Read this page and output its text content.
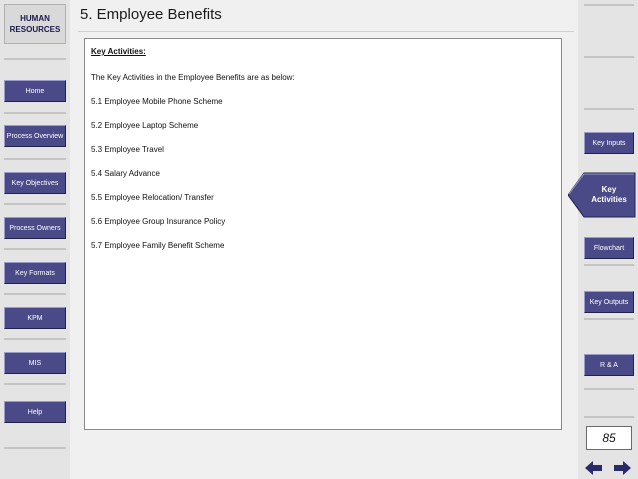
HUMAN
RESOURCES
Home
Process Overview
Key Objectives
Process Owners
Key Formats
KPM
MIS
Help
Key Inputs
Key
Activities
Flowchart
Key Outputs
R & A
5. Employee Benefits
Key Activities:
The Key Activities in the Employee Benefits are as below:
5.1 Employee Mobile Phone Scheme
5.2 Employee Laptop Scheme
5.3 Employee Travel
5.4 Salary Advance
5.5 Employee Relocation/ Transfer
5.6 Employee Group Insurance Policy
5.7 Employee Family Benefit Scheme
85
